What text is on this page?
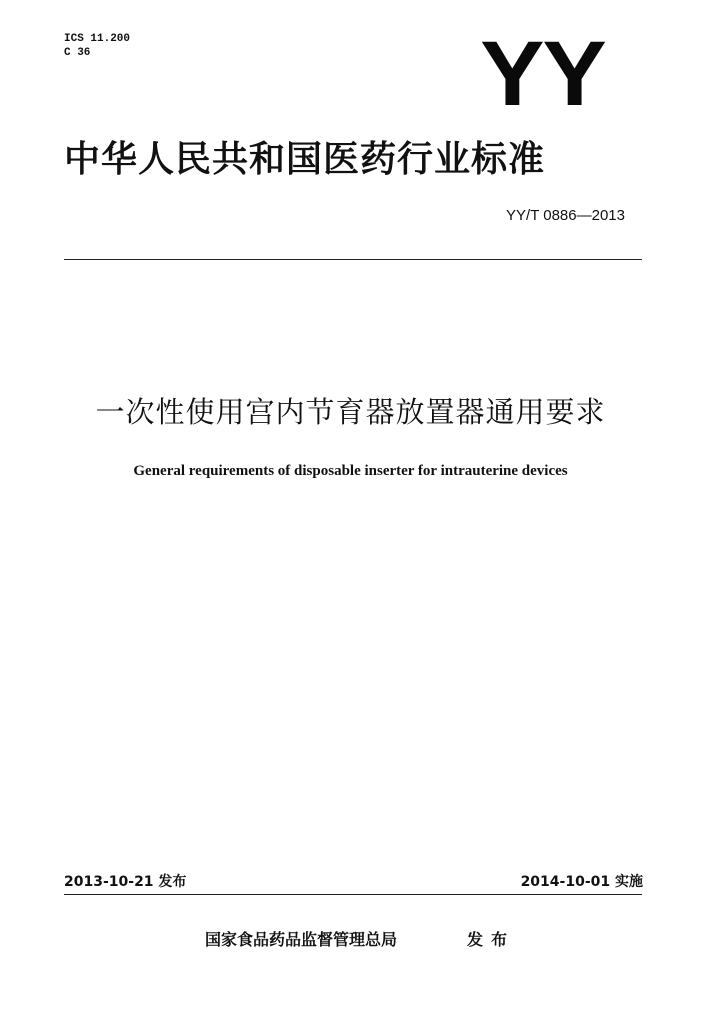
ICS 11.200
C 36	YY
中华人民共和国医药行业标准
YY/T 0886—2013
一次性使用宫内节育器放置器通用要求
General requirements of disposable inserter for intrauterine devices
2013-10-21 发布	2014-10-01 实施
国家食品药品监督管理总局	发布
